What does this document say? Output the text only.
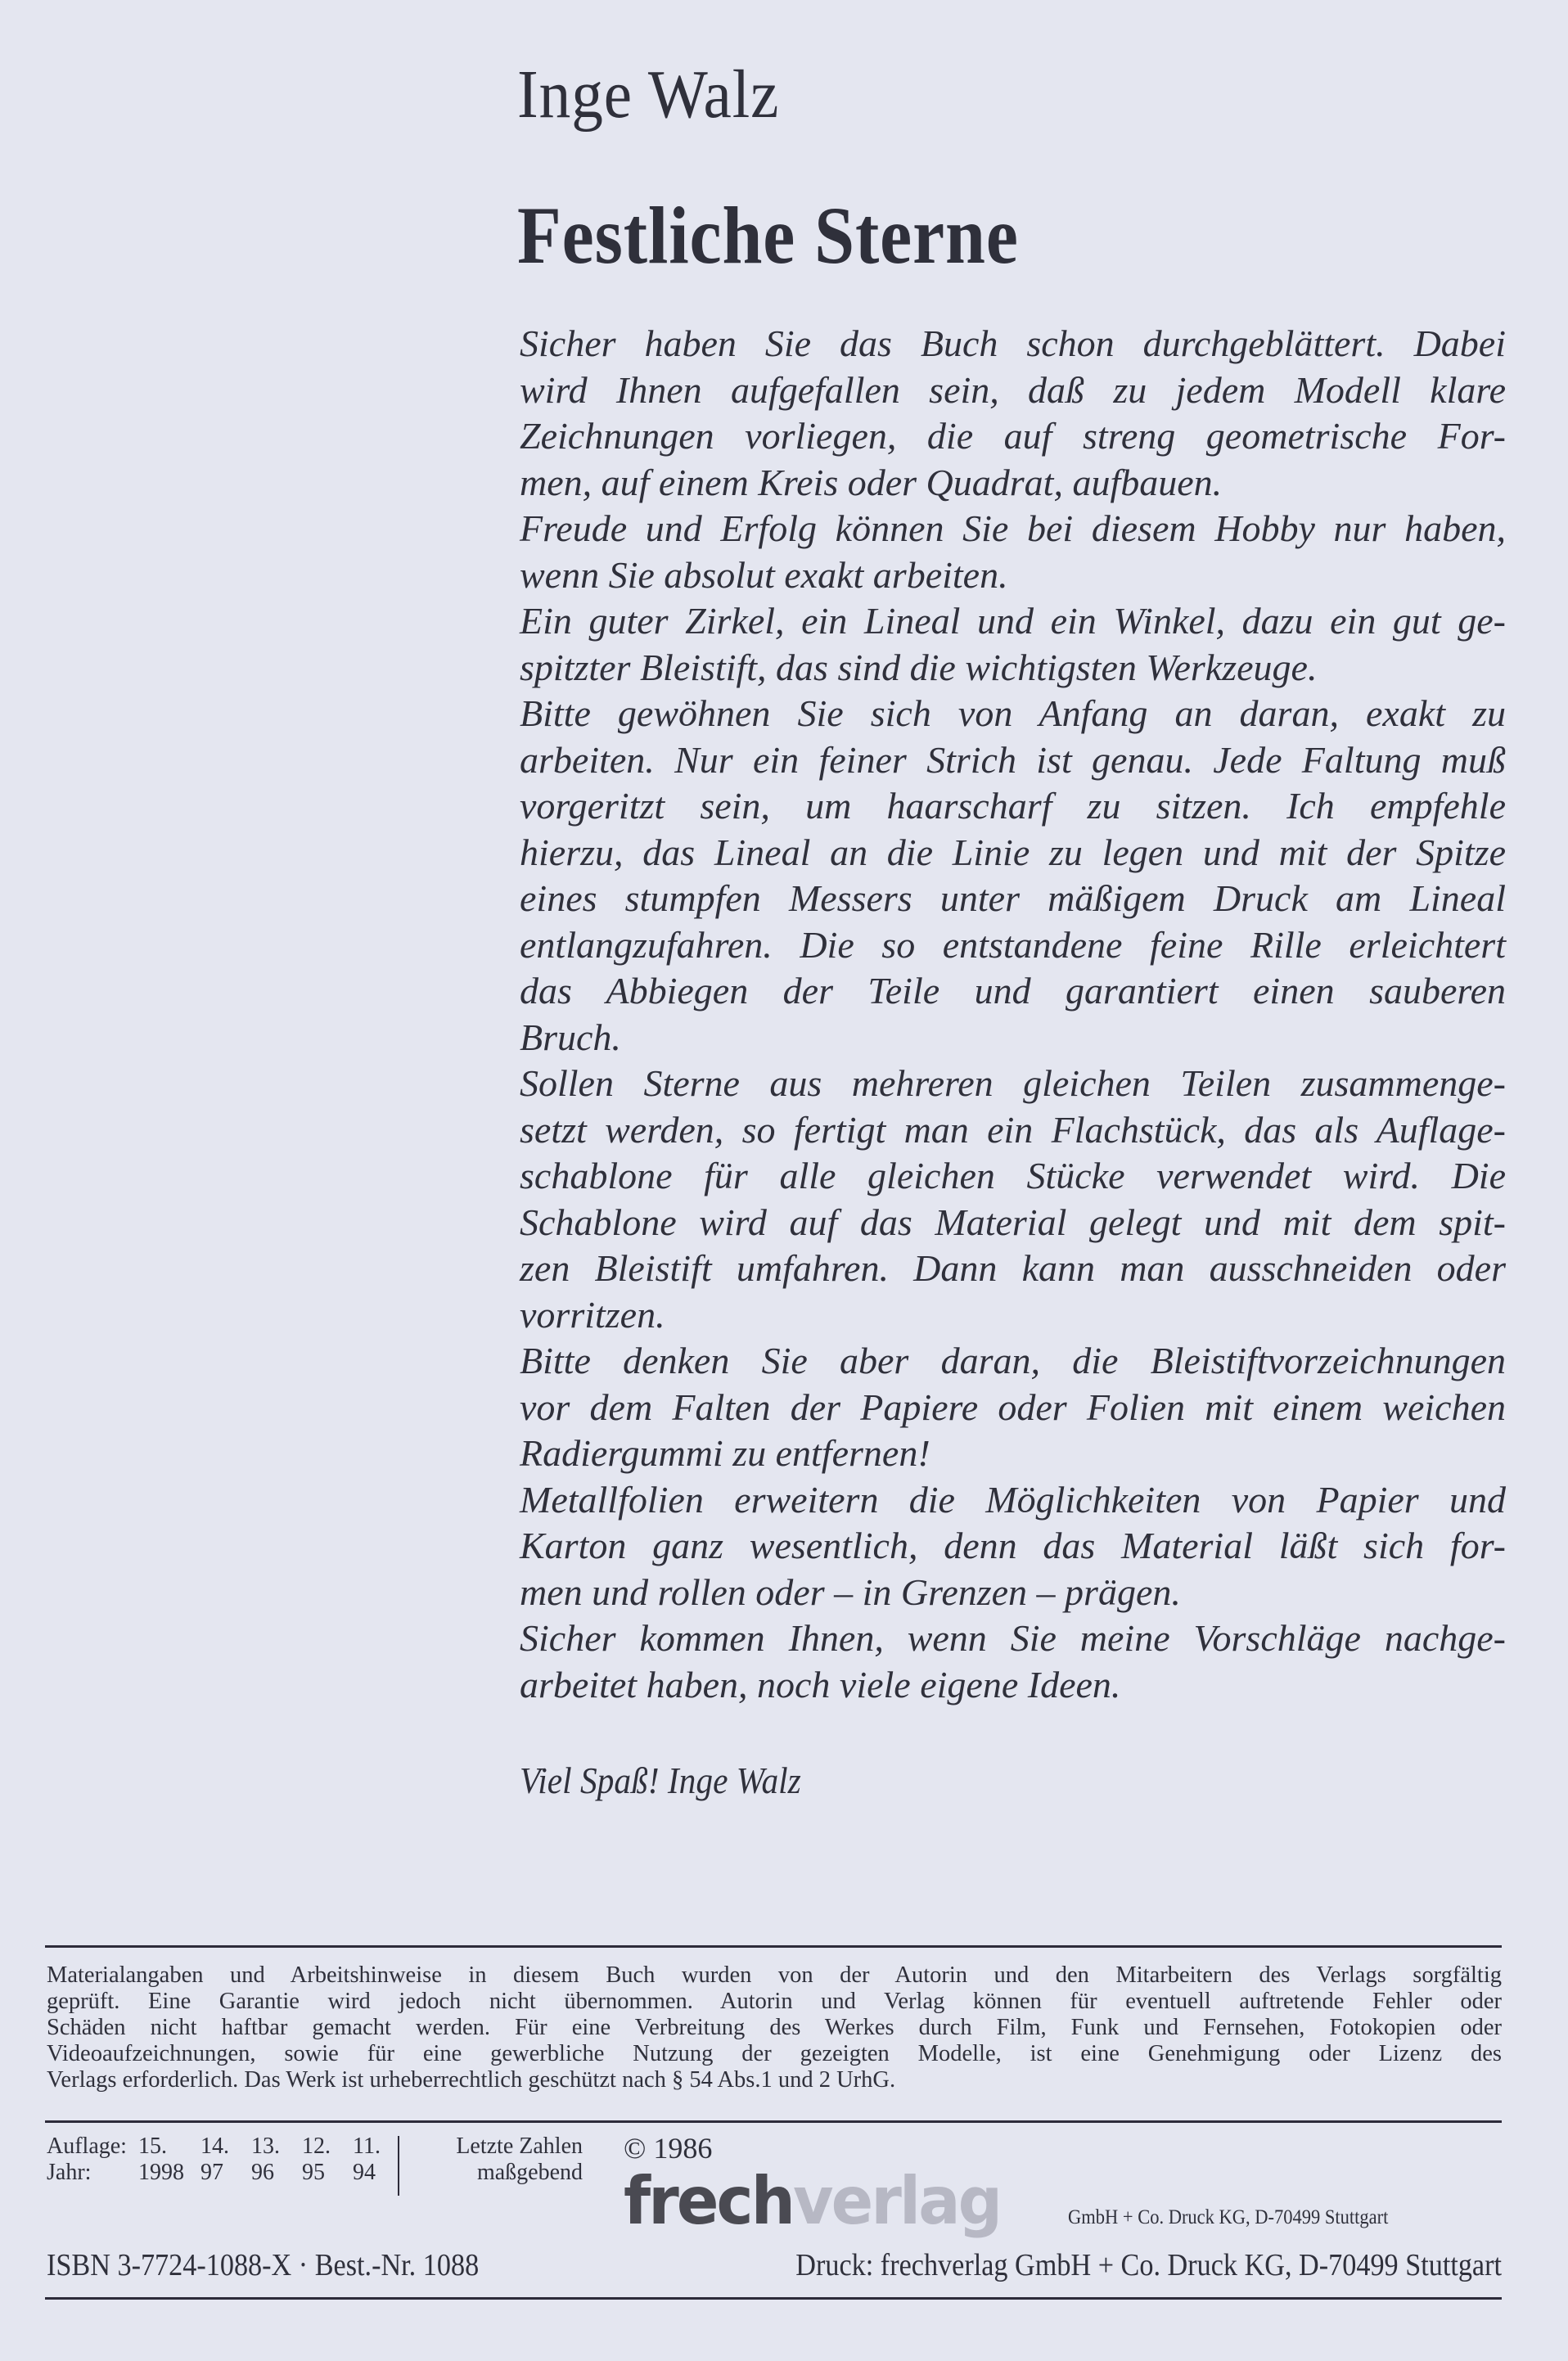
Inge Walz
Festliche Sterne
Sicher haben Sie das Buch schon durchgeblättert. Dabei
wird Ihnen aufgefallen sein, daß zu jedem Modell klare
Zeichnungen vorliegen, die auf streng geometrische For-
men, auf einem Kreis oder Quadrat, aufbauen.
Freude und Erfolg können Sie bei diesem Hobby nur haben,
wenn Sie absolut exakt arbeiten.
Ein guter Zirkel, ein Lineal und ein Winkel, dazu ein gut ge-
spitzter Bleistift, das sind die wichtigsten Werkzeuge.
Bitte gewöhnen Sie sich von Anfang an daran, exakt zu
arbeiten. Nur ein feiner Strich ist genau. Jede Faltung muß
vorgeritzt sein, um haarscharf zu sitzen. Ich empfehle
hierzu, das Lineal an die Linie zu legen und mit der Spitze
eines stumpfen Messers unter mäßigem Druck am Lineal
entlangzufahren. Die so entstandene feine Rille erleichtert
das Abbiegen der Teile und garantiert einen sauberen
Bruch.
Sollen Sterne aus mehreren gleichen Teilen zusammenge-
setzt werden, so fertigt man ein Flachstück, das als Auflage-
schablone für alle gleichen Stücke verwendet wird. Die
Schablone wird auf das Material gelegt und mit dem spit-
zen Bleistift umfahren. Dann kann man ausschneiden oder
vorritzen.
Bitte denken Sie aber daran, die Bleistiftvorzeichnungen
vor dem Falten der Papiere oder Folien mit einem weichen
Radiergummi zu entfernen!
Metallfolien erweitern die Möglichkeiten von Papier und
Karton ganz wesentlich, denn das Material läßt sich for-
men und rollen oder – in Grenzen – prägen.
Sicher kommen Ihnen, wenn Sie meine Vorschläge nachge-
arbeitet haben, noch viele eigene Ideen.
Viel Spaß! Inge Walz
Materialangaben und Arbeitshinweise in diesem Buch wurden von der Autorin und den Mitarbeitern des Verlags sorgfältig
geprüft. Eine Garantie wird jedoch nicht übernommen. Autorin und Verlag können für eventuell auftretende Fehler oder
Schäden nicht haftbar gemacht werden. Für eine Verbreitung des Werkes durch Film, Funk und Fernsehen, Fotokopien oder
Videoaufzeichnungen, sowie für eine gewerbliche Nutzung der gezeigten Modelle, ist eine Genehmigung oder Lizenz des
Verlags erforderlich. Das Werk ist urheberrechtlich geschützt nach § 54 Abs.1 und 2 UrhG.
Auflage: 15.	14. 13. 12. 11.
Jahr:	1998 97	96	95	94
Letzte Zahlen
maßgebend
© 1986
frechverlag	GmbH + Co. Druck KG, D-70499 Stuttgart
ISBN 3-7724-1088-X · Best.-Nr. 1088	Druck: frechverlag GmbH + Co. Druck KG, D-70499 Stuttgart
